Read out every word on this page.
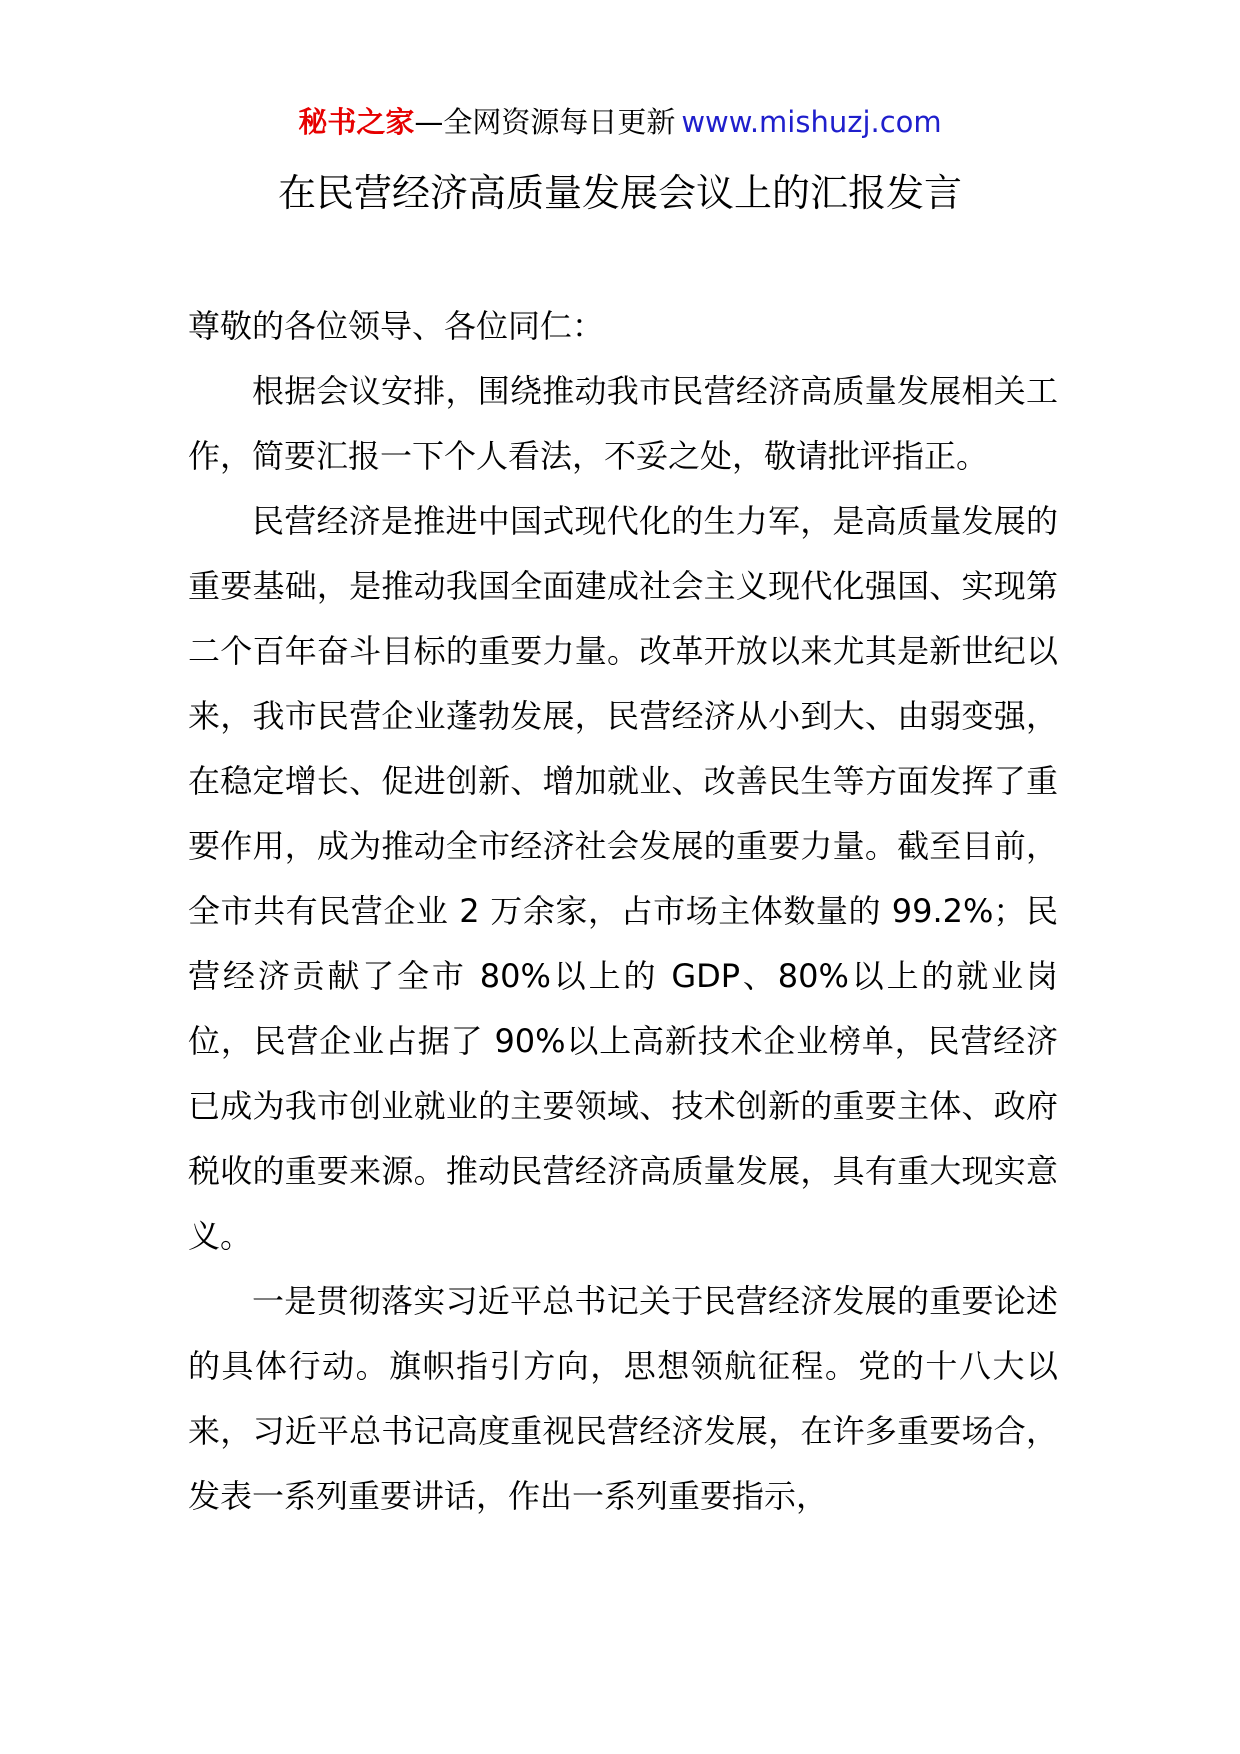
秘书之家—全网资源每日更新 www.mishuzj.com
在民营经济高质量发展会议上的汇报发言

尊敬的各位领导、各位同仁：

根据会议安排，围绕推动我市民营经济高质量发展相关工作，简要汇报一下个人看法，不妥之处，敬请批评指正。

民营经济是推进中国式现代化的生力军，是高质量发展的重要基础，是推动我国全面建成社会主义现代化强国、实现第二个百年奋斗目标的重要力量。改革开放以来尤其是新世纪以来，我市民营企业蓬勃发展，民营经济从小到大、由弱变强，在稳定增长、促进创新、增加就业、改善民生等方面发挥了重要作用，成为推动全市经济社会发展的重要力量。截至目前，全市共有民营企业 2 万余家，占市场主体数量的 99.2%；民营经济贡献了全市 80%以上的 GDP、80%以上的就业岗位，民营企业占据了 90%以上高新技术企业榜单，民营经济已成为我市创业就业的主要领域、技术创新的重要主体、政府税收的重要来源。推动民营经济高质量发展，具有重大现实意义。

一是贯彻落实习近平总书记关于民营经济发展的重要论述的具体行动。旗帜指引方向，思想领航征程。党的十八大以来，习近平总书记高度重视民营经济发展，在许多重要场合，发表一系列重要讲话，作出一系列重要指示，
